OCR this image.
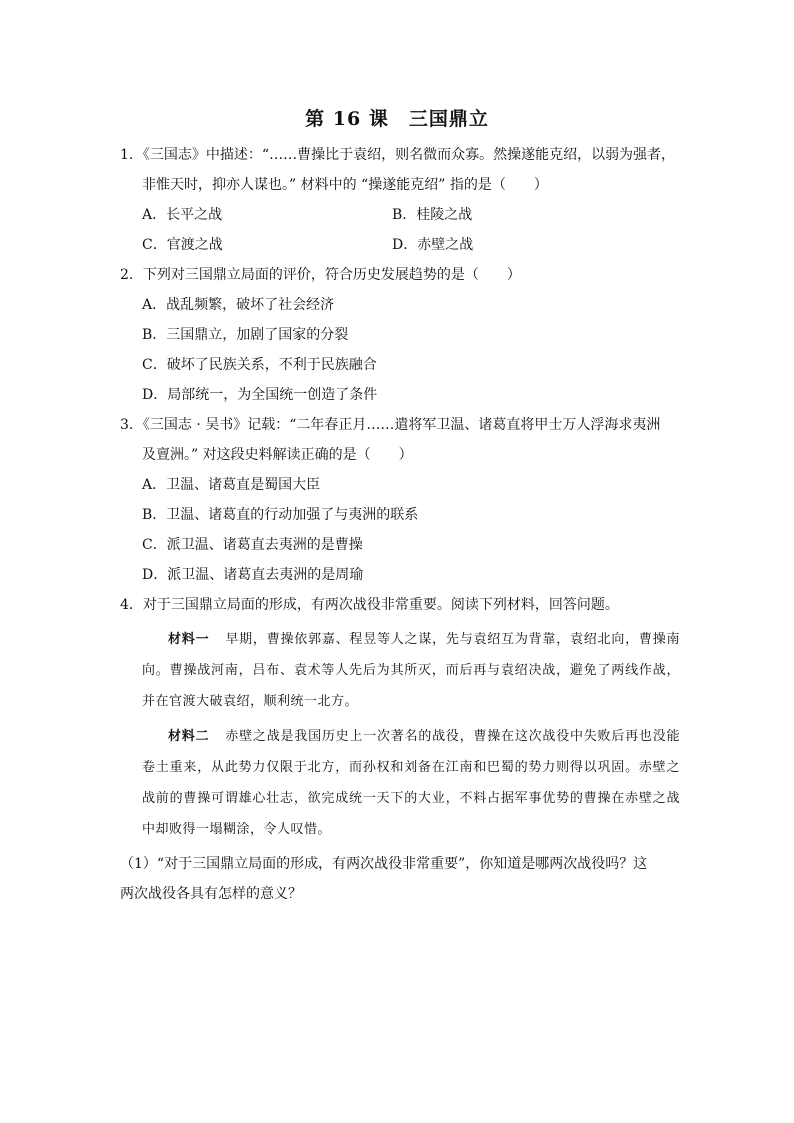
第 16 课　三国鼎立
1．《三国志》中描述：“……曹操比于袁绍，则名微而众寡。然操遂能克绍，以弱为强者，
非惟天时，抑亦人谋也。” 材料中的 “操遂能克绍” 指的是（　　）
A．长平之战	B．桂陵之战
C．官渡之战	D．赤壁之战
2．下列对三国鼎立局面的评价，符合历史发展趋势的是（　　）
A．战乱频繁，破坏了社会经济
B．三国鼎立，加剧了国家的分裂
C．破坏了民族关系，不利于民族融合
D．局部统一，为全国统一创造了条件
3．《三国志 · 吴书》记载：“二年春正月……遣将军卫温、诸葛直将甲士万人浮海求夷洲
及亶洲。” 对这段史料解读正确的是（　　）
A．卫温、诸葛直是蜀国大臣
B．卫温、诸葛直的行动加强了与夷洲的联系
C．派卫温、诸葛直去夷洲的是曹操
D．派卫温、诸葛直去夷洲的是周瑜
4．对于三国鼎立局面的形成，有两次战役非常重要。阅读下列材料，回答问题。

材料一 早期，曹操依郭嘉、程昱等人之谋，先与袁绍互为背靠，袁绍北向，曹操南向。曹操战河南，吕布、袁术等人先后为其所灭，而后再与袁绍决战，避免了两线作战，并在官渡大破袁绍，顺利统一北方。

材料二 赤壁之战是我国历史上一次著名的战役，曹操在这次战役中失败后再也没能卷土重来，从此势力仅限于北方，而孙权和刘备在江南和巴蜀的势力则得以巩固。赤壁之战前的曹操可谓雄心壮志，欲完成统一天下的大业，不料占据军事优势的曹操在赤壁之战中却败得一塌糊涂，令人叹惜。

（1）“对于三国鼎立局面的形成，有两次战役非常重要”，你知道是哪两次战役吗？这
两次战役各具有怎样的意义？
